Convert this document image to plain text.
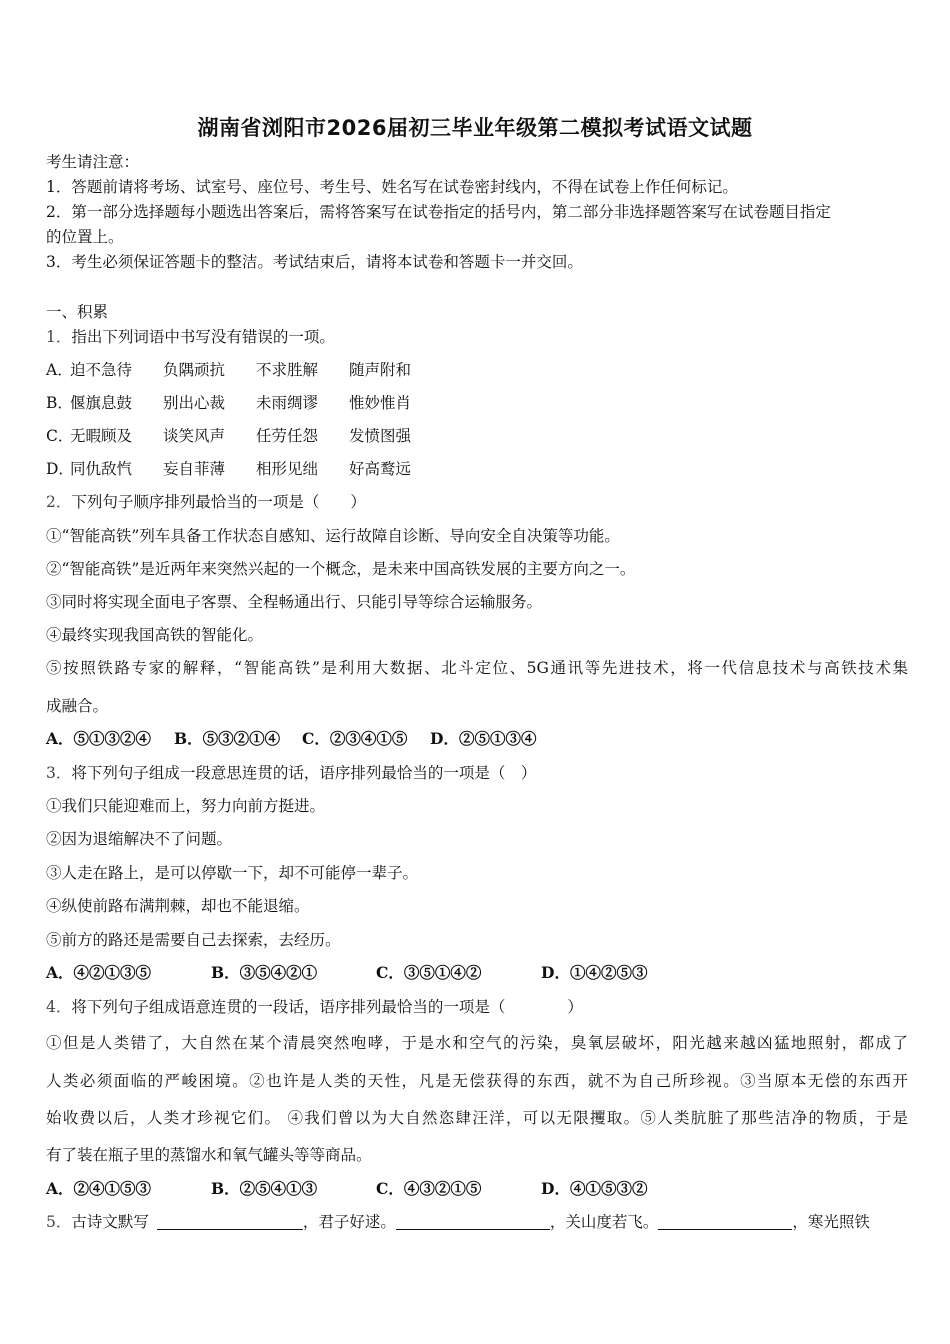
湖南省浏阳市2026届初三毕业年级第二模拟考试语文试题
考生请注意：
1．答题前请将考场、试室号、座位号、考生号、姓名写在试卷密封线内，不得在试卷上作任何标记。
2．第一部分选择题每小题选出答案后，需将答案写在试卷指定的括号内，第二部分非选择题答案写在试卷题目指定
的位置上。
3．考生必须保证答题卡的整洁。考试结束后，请将本试卷和答题卡一并交回。
一、积累
1．指出下列词语中书写没有错误的一项。
A．迫不急待 负隅顽抗 不求胜解 随声附和
B．偃旗息鼓 别出心裁 未雨绸谬 惟妙惟肖
C．无暇顾及 谈笑风声 任劳任怨 发愤图强
D．同仇敌忾 妄自菲薄 相形见绌 好高鹜远
2．下列句子顺序排列最恰当的一项是（　　）
①“智能高铁”列车具备工作状态自感知、运行故障自诊断、导向安全自决策等功能。
②“智能高铁”是近两年来突然兴起的一个概念，是未来中国高铁发展的主要方向之一。
③同时将实现全面电子客票、全程畅通出行、只能引导等综合运输服务。
④最终实现我国高铁的智能化。
⑤按照铁路专家的解释，“智能高铁”是利用大数据、北斗定位、5G通讯等先进技术，将一代信息技术与高铁技术集
成融合。
A．⑤①③②④ B．⑤③②①④ C．②③④①⑤ D．②⑤①③④
3．将下列句子组成一段意思连贯的话，语序排列最恰当的一项是（　）
①我们只能迎难而上，努力向前方挺进。
②因为退缩解决不了问题。
③人走在路上，是可以停歇一下，却不可能停一辈子。
④纵使前路布满荆棘，却也不能退缩。
⑤前方的路还是需要自己去探索，去经历。
A．④②①③⑤	B．③⑤④②①	C．③⑤①④②	D．①④②⑤③
4．将下列句子组成语意连贯的一段话，语序排列最恰当的一项是（　　　　）
①但是人类错了，大自然在某个清晨突然咆哮，于是水和空气的污染，臭氧层破坏，阳光越来越凶猛地照射，都成了
人类必须面临的严峻困境。②也许是人类的天性，凡是无偿获得的东西，就不为自己所珍视。③当原本无偿的东西开
始收费以后，人类才珍视它们。 ④我们曾以为大自然恣肆汪洋，可以无限攫取。⑤人类肮脏了那些洁净的物质，于是
有了装在瓶子里的蒸馏水和氧气罐头等等商品。
A．②④①⑤③	B．②⑤④①③	C．④③②①⑤	D．④①⑤③②
5．古诗文默写	，君子好逑。	，关山度若飞。	，寒光照铁
